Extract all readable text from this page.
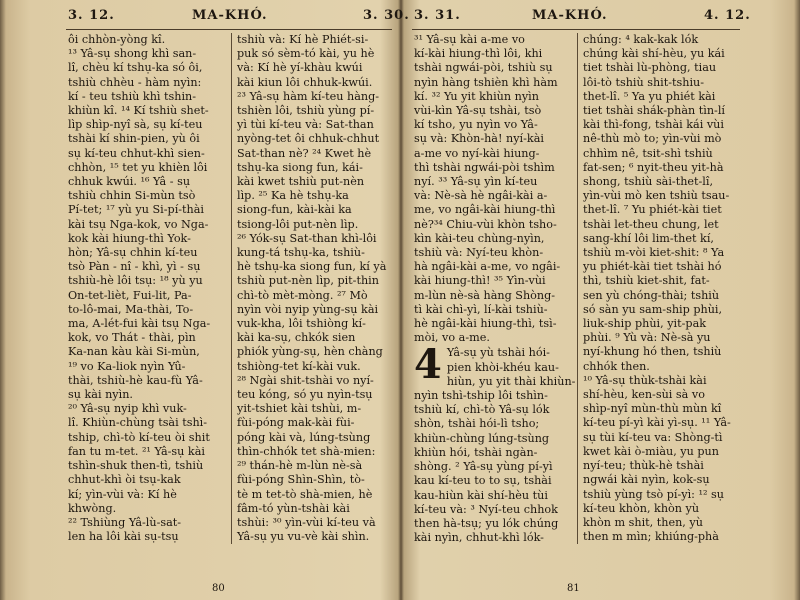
3. 12.	MA-KHÓ.	3. 30.
ôi chhòn-yòng kî.
¹³ Yâ-sụ shong khì san-
lî, chèu kí tshụ-ka só ôi,
tshiù chhèu - hàm nyìn:
kí - teu tshiù khì tshin-
khiùn kî. ¹⁴ Kí tshiù shet-
lìp shìp-nyî sà, sụ kí-teu
tshài kí shin-pien, yù ôi
sụ kí-teu chhut-khì sien-
chhòn, ¹⁵ tet yu khièn lôi
chhuk kwúi. ¹⁶ Yâ - sụ
tshiù chhin Si-mùn tsò
Pí-tet; ¹⁷ yù yu Si-pí-thài
kài tsụ Nga-kok, vo Nga-
kok kài hiung-thì Yok-
hòn; Yâ-sụ chhin kí-teu
tsò Pàn - nî - khì, yì - sụ
tshiù-hè lôi tsụ: ¹⁸ yù yu
On-tet-lièt, Fui-lit, Pa-
to-lô-mai, Ma-thài, To-
ma, A-lét-fui kài tsụ Nga-
kok, vo Thát - thài, pìn
Ka-nan kàu kài Si-mùn,
¹⁹ vo Ka-liok nyìn Yû-
thài, tshiù-hè kau-fù Yâ-
sụ kài nyìn.
²⁰ Yâ-sụ nyip khì vuk-
lî. Khiùn-chùng tsài tshì-
tship, chì-tò kí-teu òi shit
fan tu m-tet. ²¹ Yâ-sụ kài
tshìn-shuk then-tì, tshiù
chhut-khì òi tsụ-kak
kí; yìn-vùi và: Kí hè
khwòng.
²² Tshiùng Yâ-lù-sat-
len ha lôi kài sụ-tsụ
tshiù và: Kí hè Phiét-si-
puk só sèm-tó kài, yu hè
và: Kí hè yí-khàu kwúi
kài kiun lôi chhuk-kwúi.
²³ Yâ-sụ hàm kí-teu hàng-
tshièn lôi, tshiù yùng pí-
yì tùi kí-teu và: Sat-than
nyòng-tet ôi chhuk-chhut
Sat-than nè? ²⁴ Kwet hè
tshụ-ka siong fun, kái-
kài kwet tshiù put-nèn
lìp. ²⁵ Ka hè tshụ-ka
siong-fun, kài-kài ka
tsiong-lôi put-nèn lìp.
²⁶ Yók-sụ Sat-than khì-lôi
kung-tá tshụ-ka, tshiù-
hè tshụ-ka siong fun, kí yà
tshiù put-nèn lìp, pit-thin
chì-tò mèt-mòng. ²⁷ Mò
nyìn vòi nyip yùng-sụ kài
vuk-kha, lôi tshiòng kí-
kài ka-sụ, chkók sien
phiók yùng-sụ, hèn chàng
tshiòng-tet kí-kài vuk.
²⁸ Ngài shit-tshài vo nyí-
teu kóng, só yu nyìn-tsụ
yit-tshiet kài tshùi, m-
fùi-póng mak-kài fùi-
póng kài và, lúng-tsùng
thìn-chhók tet shà-mien:
²⁹ thán-hè m-lùn nè-sà
fùi-póng Shìn-Shìn, tò-
tè m tet-tò shà-mien, hè
fâm-tó yùn-tshài kài
tshùi: ³⁰ yìn-vùi kí-teu và
Yâ-sụ yu vu-vè kài shìn.
80
3. 31.	MA-KHÓ.	4. 12.
³¹ Yâ-sụ kài a-me vo
kí-kài hiung-thì lôi, khi
tshài ngwái-pòi, tshiù sụ
nyìn hàng tshièn khì hàm
kí. ³² Yu yit khiùn nyìn
vùi-kìn Yâ-sụ tshài, tsò
kí tsho, yu nyìn vo Yâ-
sụ và: Khòn-hà! nyí-kài
a-me vo nyí-kài hiung-
thì tshài ngwái-pòi tshìm
nyí. ³³ Yâ-sụ yìn kí-teu
và: Nè-sà hè ngâi-kài a-
me, vo ngâi-kài hiung-thì
nè?³⁴ Chiu-vùi khòn tsho-
kìn kài-teu chùng-nyìn,
tshiù và: Nyí-teu khòn-
hà ngâi-kài a-me, vo ngâi-
kài hiung-thì! ³⁵ Yìn-vùi
m-lùn nè-sà hàng Shòng-
tì kài chì-yì, lí-kài tshiù-
hè ngâi-kài hiung-thì, tsì-
mòi, vo a-me.
4 Yâ-sụ yù tshài hói-
pien khòi-khéu kau-
hiùn, yu yit thài khiùn-
nyìn tshì-tship lôi tshìn-
tshiù kí, chì-tò Yâ-sụ lók
shòn, tshài hói-lì tsho;
khiùn-chùng lúng-tsùng
khiùn hói, tshài ngàn-
shòng. ² Yâ-sụ yùng pí-yì
kau kí-teu to to sụ, tshài
kau-hiùn kài shí-hèu tùi
kí-teu và: ³ Nyí-teu chhok
then hà-tsụ; yu lók chúng
kài nyìn, chhut-khì lók-
chúng: ⁴ kak-kak lók
chúng kài shí-hèu, yu kái
tiet tshài lù-phòng, tiau
lôi-tò tshiù shit-tshiu-
thet-lî. ⁵ Ya yu phiét kài
tiet tshài shák-phàn tìn-lí
kài thì-fong, tshài kái vùi
nê-thù mò to; yìn-vùi mò
chhìm nê, tsit-shì tshiù
fat-sen; ⁶ nyit-theu yit-hà
shong, tshiù sài-thet-lî,
yìn-vùi mò ken tshiù tsau-
thet-lî. ⁷ Yu phiét-kài tiet
tshài let-theu chung, let
sang-khí lôi lim-thet kí,
tshiù m-vòi kiet-shit: ⁸ Ya
yu phiét-kài tiet tshài hó
thì, tshiù kiet-shit, fat-
sen yù chóng-thài; tshiù
só sàn yu sam-ship phùi,
liuk-ship phùi, yit-pak
phùi. ⁹ Yù và: Nè-sà yu
nyí-khung hó then, tshiù
chhók then.
¹⁰ Yâ-sụ thùk-tshài kài
shí-hèu, ken-sùi sà vo
shìp-nyî mùn-thù mùn kî
kí-teu pí-yì kài yì-sụ. ¹¹ Yâ-
sụ tùi kí-teu va: Shòng-tì
kwet kài ò-miàu, yu pun
nyí-teu; thùk-hè tshài
ngwái kài nyìn, kok-sụ
tshiù yùng tsò pí-yì: ¹² sụ
kí-teu khòn, khòn yù
khòn m shit, then, yù
then m mìn; khiúng-phà
81
